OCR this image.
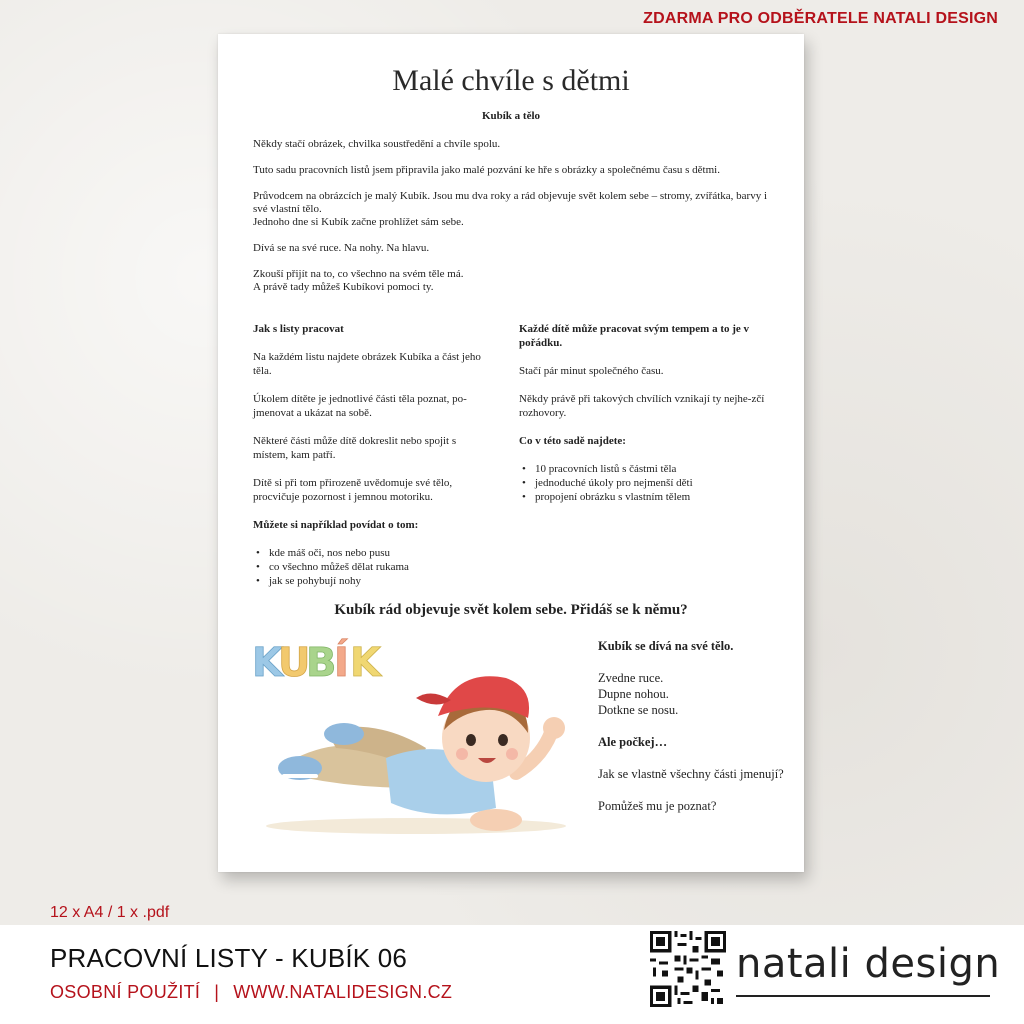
ZDARMA PRO ODBĚRATELE NATALI DESIGN
Malé chvíle s dětmi
Kubík a tělo

Někdy stačí obrázek, chvilka soustředění a chvíle spolu.

Tuto sadu pracovních listů jsem připravila jako malé pozvání ke hře s obrázky a společnému času s dětmi.

Průvodcem na obrázcích je malý Kubík. Jsou mu dva roky a rád objevuje svět kolem sebe – stromy, zvířátka, barvy i své vlastní tělo.

Jednoho dne si Kubík začne prohlížet sám sebe.

Dívá se na své ruce. Na nohy. Na hlavu.

Zkouší přijít na to, co všechno na svém těle má.

A právě tady můžeš Kubíkovi pomoci ty.

Jak s listy pracovat

Na každém listu najdete obrázek Kubíka a část jeho těla.

Úkolem dítěte je jednotlivé části těla poznat, po-jmenovat a ukázat na sobě.

Některé části může dítě dokreslit nebo spojit s místem, kam patří.

Dítě si při tom přirozeně uvědomuje své tělo, procvičuje pozornost i jemnou motoriku.

Můžete si například povídat o tom:
• kde máš oči, nos nebo pusu
• co všechno můžeš dělat rukama
• jak se pohybují nohy
Každé dítě může pracovat svým tempem a to je v pořádku.

Stačí pár minut společného času.

Někdy právě při takových chvílích vznikají ty nejhe-zčí rozhovory.

Co v této sadě najdete:
• 10 pracovních listů s částmi těla
• jednoduché úkoly pro nejmenší děti
• propojení obrázku s vlastním tělem
Kubík rád objevuje svět kolem sebe. Přidáš se k němu?
K
U
B
Í K	Kubík se dívá na své tělo.

Zvedne ruce.
Dupne nohou.

Dotkne se nosu.

Ale počkej…

Jak se vlastně všechny části jmenují?

Pomůžeš mu je poznat?

12 x A4 / 1 x .pdf
PRACOVNÍ LISTY - KUBÍK 06
OSOBNÍ POUŽITÍ | WWW.NATALIDESIGN.CZ
natali design
